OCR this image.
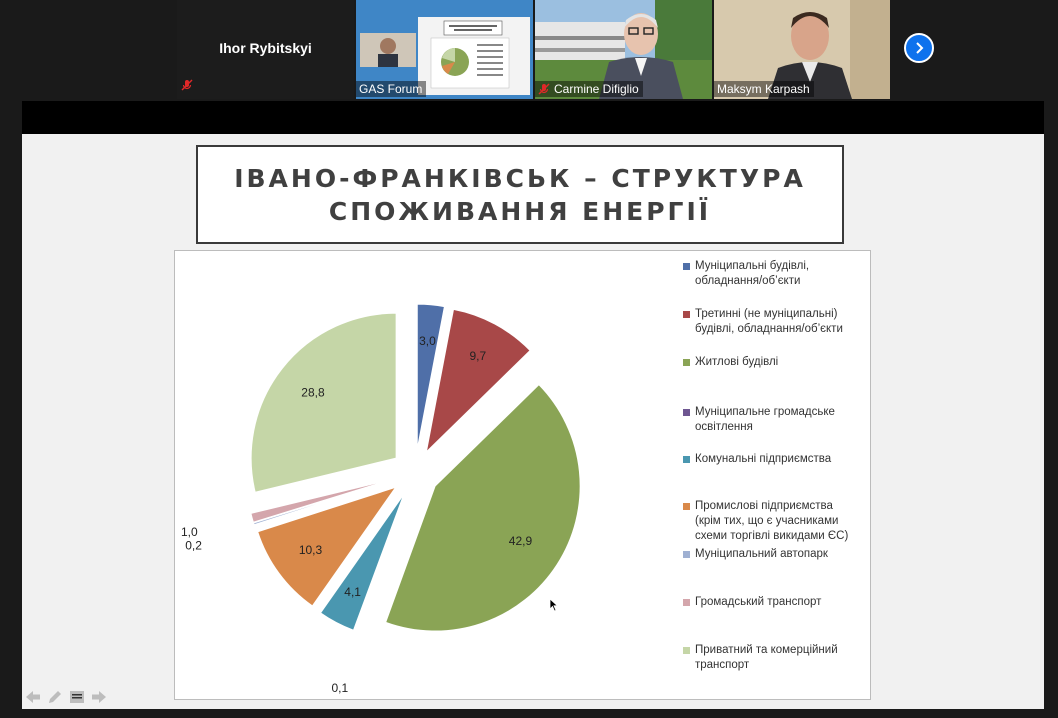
Ihor Rybitskyi
GAS Forum	Carmine Difiglio	Maksym Karpash
ІВАНО-ФРАНКІВСЬК – СТРУКТУРА
СПОЖИВАННЯ ЕНЕРГІЇ
3,0
9,7
42,9
0,1
4,1
10,3
0,2
1,0
28,8
Муніципальні будівлі,
обладнання/об’єкти
Третинні (не муніципальні)
будівлі, обладнання/об’єкти
Житлові будівлі
Муніципальне громадське
освітлення
Комунальні підприємства
Промислові підприємства
(крім тих, що є учасниками
схеми торгівлі викидами ЄС)
Муніципальний автопарк
Громадський транспорт
Приватний та комерційний
транспорт
